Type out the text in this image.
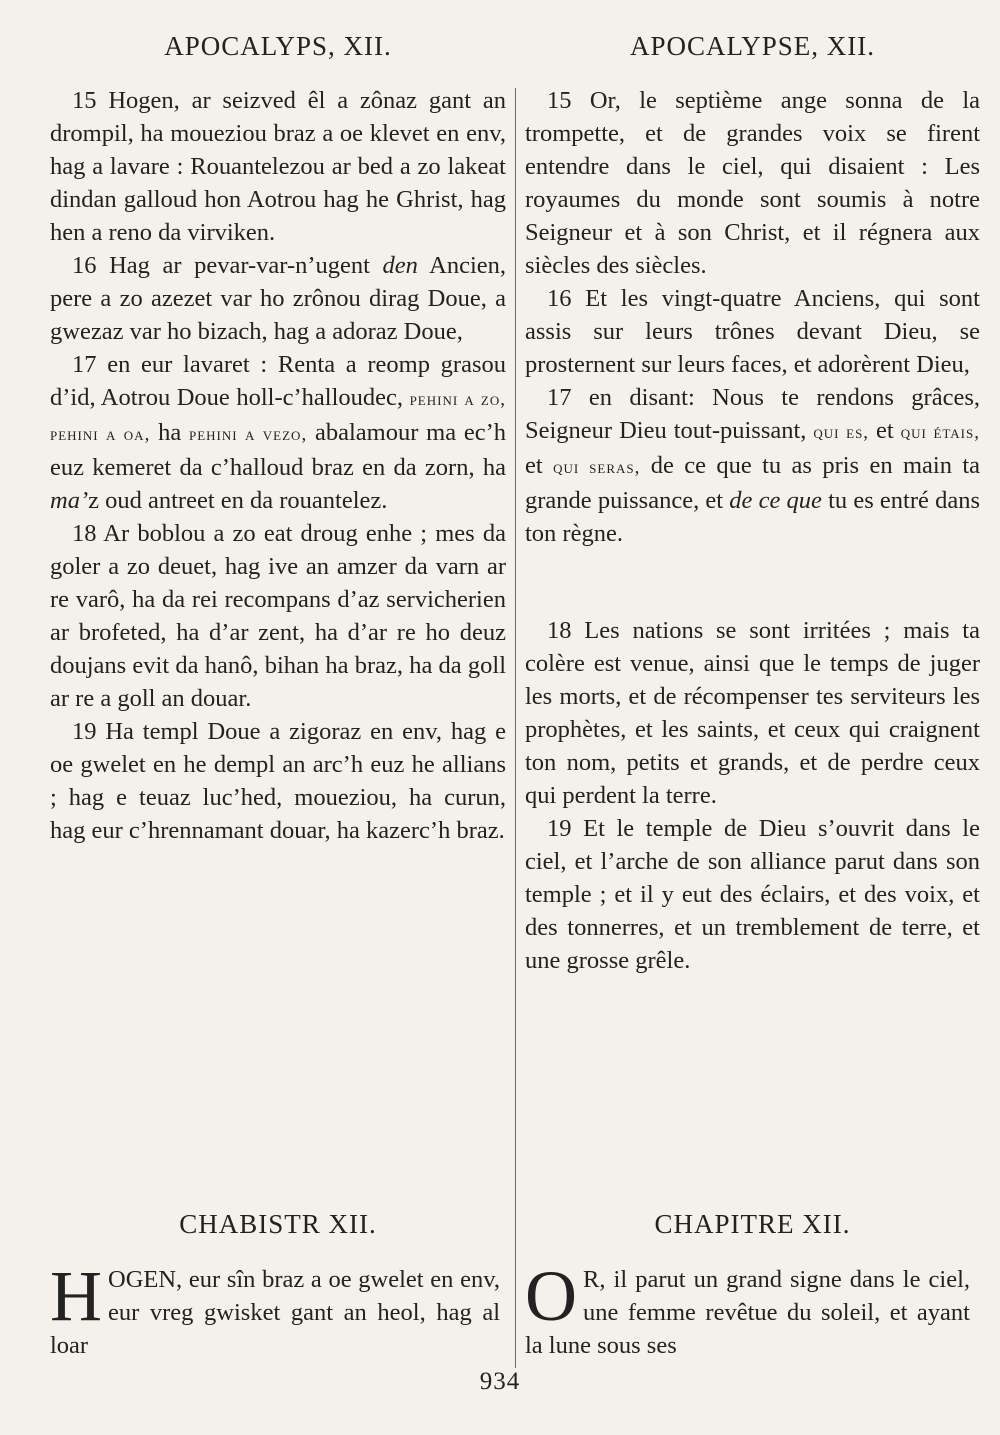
APOCALYPS, XII.

15 Hogen, ar seizved êl a zônaz gant an drompil, ha moueziou braz a oe klevet en env, hag a lavare : Rouantelezou ar bed a zo lakeat dindan galloud hon Aotrou hag he Ghrist, hag hen a reno da virviken.

16 Hag ar pevar-var-n’ugent den Ancien, pere a zo azezet var ho zrônou dirag Doue, a gwezaz var ho bizach, hag a adoraz Doue,

17 en eur lavaret : Renta a reomp grasou d’id, Aotrou Doue holl-c’halloudec, pehini a zo, pehini a oa, ha pehini a vezo, abalamour ma ec’h euz kemeret da c’halloud braz en da zorn, ha ma’z oud antreet en da rouantelez.

18 Ar boblou a zo eat droug enhe ; mes da goler a zo deuet, hag ive an amzer da varn ar re varô, ha da rei recompans d’az servicherien ar brofeted, ha d’ar zent, ha d’ar re ho deuz doujans evit da hanô, bihan ha braz, ha da goll ar re a goll an douar.

19 Ha templ Doue a zigoraz en env, hag e oe gwelet en he dempl an arc’h euz he allians ; hag e teuaz luc’hed, moueziou, ha curun, hag eur c’hrennamant douar, ha kazerc’h braz.

APOCALYPSE, XII.

15 Or, le septième ange sonna de la trompette, et de grandes voix se firent entendre dans le ciel, qui disaient : Les royaumes du monde sont soumis à notre Seigneur et à son Christ, et il régnera aux siècles des siècles.

16 Et les vingt-quatre Anciens, qui sont assis sur leurs trônes devant Dieu, se prosternent sur leurs faces, et adorèrent Dieu,

17 en disant: Nous te rendons grâces, Seigneur Dieu tout-puissant, qui es, et qui étais, et qui seras, de ce que tu as pris en main ta grande puissance, et de ce que tu es entré dans ton règne.

18 Les nations se sont irritées ; mais ta colère est venue, ainsi que le temps de juger les morts, et de récompenser tes serviteurs les prophètes, et les saints, et ceux qui craignent ton nom, petits et grands, et de perdre ceux qui perdent la terre.

19 Et le temple de Dieu s’ouvrit dans le ciel, et l’arche de son alliance parut dans son temple ; et il y eut des éclairs, et des voix, et des tonnerres, et un tremblement de terre, et une grosse grêle.

CHABISTR XII.	CHAPITRE XII.
HOGEN, eur sîn braz a oe gwelet en env, eur vreg gwisket gant an heol, hag al loar
O R, il parut un grand signe dans le ciel, une femme revêtue du soleil, et ayant la lune sous ses
934
